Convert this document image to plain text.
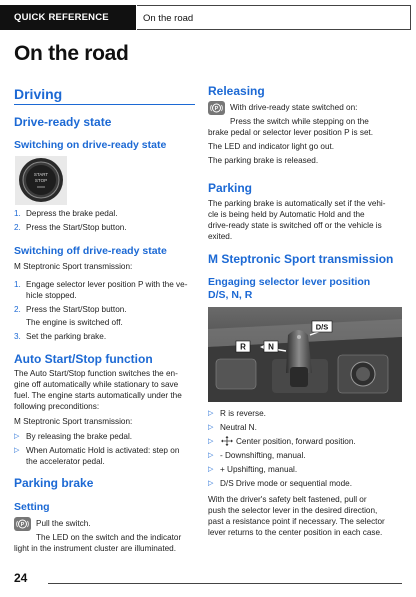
QUICK REFERENCE	On the road
On the road
Driving
Drive-ready state
Switching on drive-ready state
START
STOP
1. Depress the brake pedal.
2. Press the Start/Stop button.
Switching off drive-ready state
M Steptronic Sport transmission:
1. Engage selector lever position P with the ve-
hicle stopped.
2. Press the Start/Stop button.
The engine is switched off.
3. Set the parking brake.
Auto Start/Stop function
The Auto Start/Stop function switches the en-
gine off automatically while stationary to save
fuel. The engine starts automatically under the
following preconditions:
M Steptronic Sport transmission:
▷ By releasing the brake pedal.
▷ When Automatic Hold is activated: step on
the accelerator pedal.
Parking brake
Setting
P Pull the switch.
The LED on the switch and the indicator
light in the instrument cluster are illuminated.
Releasing
P With drive-ready state switched on:
Press the switch while stepping on the
brake pedal or selector lever position P is set.
The LED and indicator light go out.
The parking brake is released.
Parking
The parking brake is automatically set if the vehi-
cle is being held by Automatic Hold and the
drive-ready state is switched off or the vehicle is
exited.
M Steptronic Sport transmission
Engaging selector lever position
D/S, N, R
R	N
D/S
▷ R is reverse.
▷ Neutral N.
▷	Center position, forward position.
▷ - Downshifting, manual.
▷ + Upshifting, manual.
▷ D/S Drive mode or sequential mode.
With the driver's safety belt fastened, pull or
push the selector lever in the desired direction,
past a resistance point if necessary. The selector
lever returns to the center position in each case.
24
